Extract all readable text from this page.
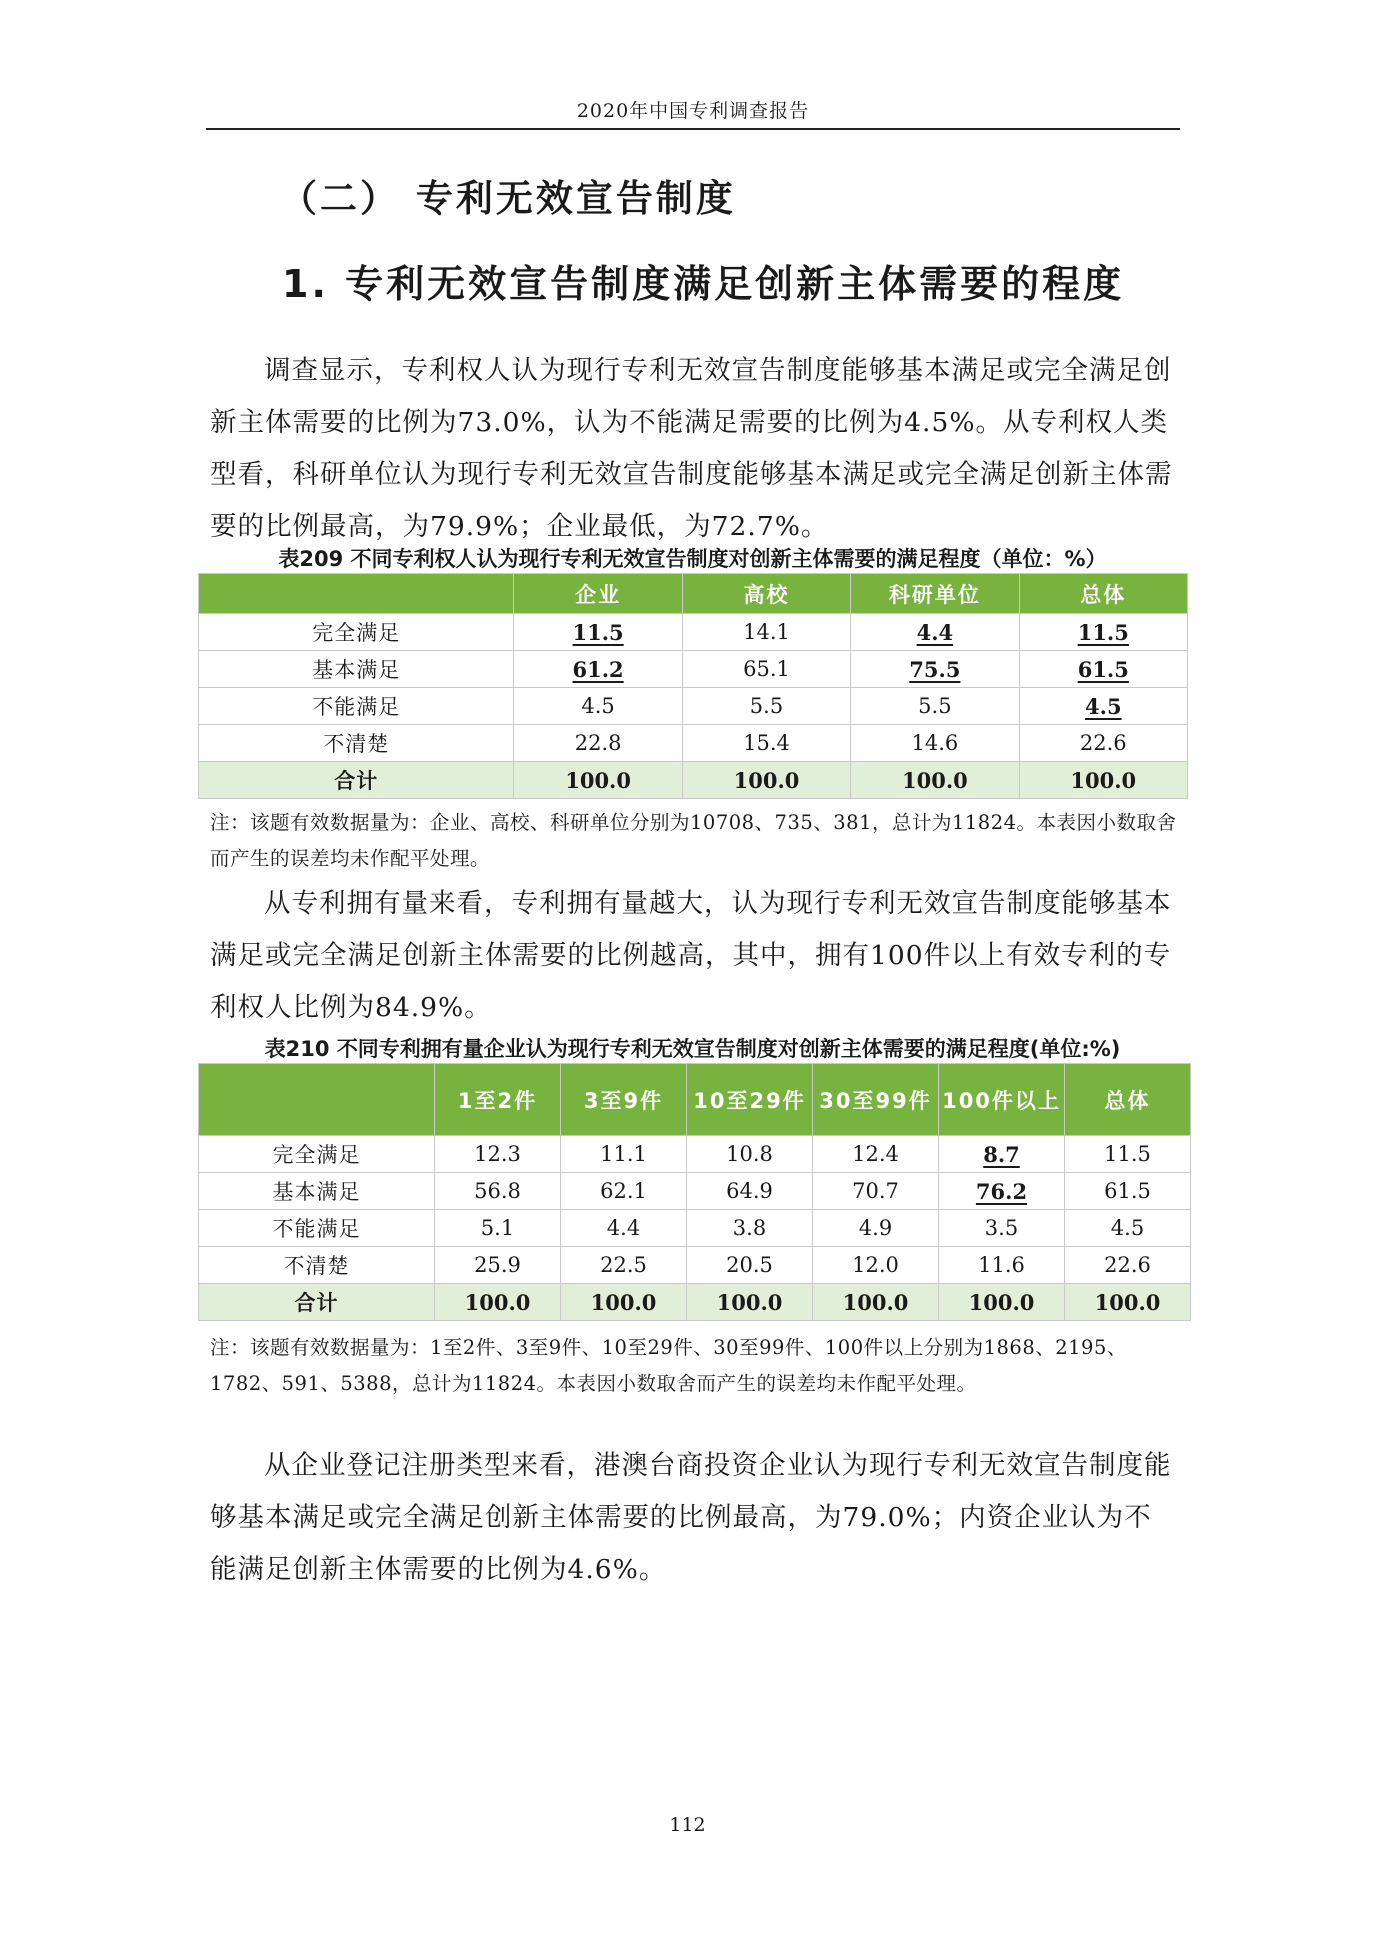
2020年中国专利调查报告
（二） 专利无效宣告制度
1. 专利无效宣告制度满足创新主体需要的程度

调查显示，专利权人认为现行专利无效宣告制度能够基本满足或完全满足创新主体需要的比例为73.0%，认为不能满足需要的比例为4.5%。从专利权人类型看，科研单位认为现行专利无效宣告制度能够基本满足或完全满足创新主体需要的比例最高，为79.9%；企业最低，为72.7%。

表209 不同专利权人认为现行专利无效宣告制度对创新主体需要的满足程度（单位：%）
	企业	高校	科研单位	总体
完全满足	11.5	14.1	4.4	11.5
基本满足	61.2	65.1	75.5	61.5
不能满足	4.5	5.5	5.5	4.5
不清楚	22.8	15.4	14.6	22.6
合计	100.0	100.0	100.0	100.0

注：该题有效数据量为：企业、高校、科研单位分别为10708、735、381，总计为11824。本表因小数取舍而产生的误差均未作配平处理。

从专利拥有量来看，专利拥有量越大，认为现行专利无效宣告制度能够基本满足或完全满足创新主体需要的比例越高，其中，拥有100件以上有效专利的专利权人比例为84.9%。

表210 不同专利拥有量企业认为现行专利无效宣告制度对创新主体需要的满足程度(单位:%)
	1至2件	3至9件	10至29件	30至99件	100件以上	总体
完全满足	12.3	11.1	10.8	12.4	8.7	11.5
基本满足	56.8	62.1	64.9	70.7	76.2	61.5
不能满足	5.1	4.4	3.8	4.9	3.5	4.5
不清楚	25.9	22.5	20.5	12.0	11.6	22.6
合计	100.0	100.0	100.0	100.0	100.0	100.0

注：该题有效数据量为：1至2件、3至9件、10至29件、30至99件、100件以上分别为1868、2195、1782、591、5388，总计为11824。本表因小数取舍而产生的误差均未作配平处理。

从企业登记注册类型来看，港澳台商投资企业认为现行专利无效宣告制度能够基本满足或完全满足创新主体需要的比例最高，为79.0%；内资企业认为不能满足创新主体需要的比例为4.6%。

112
